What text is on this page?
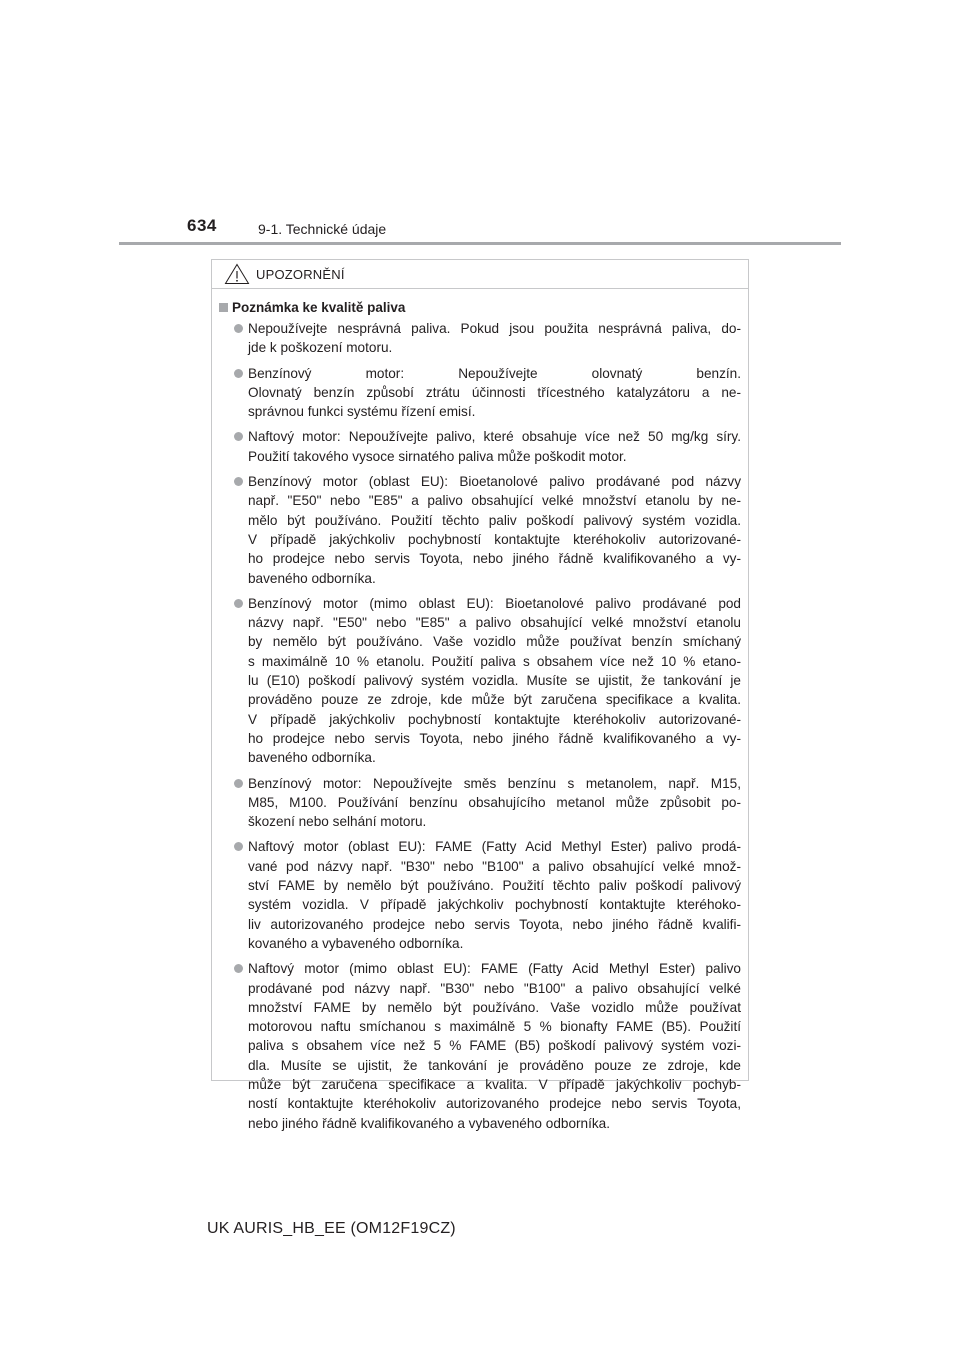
634	9-1. Technické údaje
UPOZORNĚNÍ
Poznámka ke kvalitě paliva
Nepoužívejte nesprávná paliva. Pokud jsou použita nesprávná paliva, do-
jde k poškození motoru.
Benzínový motor: Nepoužívejte olovnatý benzín.
Olovnatý benzín způsobí ztrátu účinnosti třícestného katalyzátoru a ne-
správnou funkci systému řízení emisí.
Naftový motor: Nepoužívejte palivo, které obsahuje více než 50 mg/kg síry.
Použití takového vysoce sirnatého paliva může poškodit motor.
Benzínový motor (oblast EU): Bioetanolové palivo prodávané pod názvy
např. "E50" nebo "E85" a palivo obsahující velké množství etanolu by ne-
mělo být používáno. Použití těchto paliv poškodí palivový systém vozidla.
V případě jakýchkoliv pochybností kontaktujte kteréhokoliv autorizované-
ho prodejce nebo servis Toyota, nebo jiného řádně kvalifikovaného a vy-
baveného odborníka.
Benzínový motor (mimo oblast EU): Bioetanolové palivo prodávané pod
názvy např. "E50" nebo "E85" a palivo obsahující velké množství etanolu
by nemělo být používáno. Vaše vozidlo může používat benzín smíchaný
s maximálně 10 % etanolu. Použití paliva s obsahem více než 10 % etano-
lu (E10) poškodí palivový systém vozidla. Musíte se ujistit, že tankování je
prováděno pouze ze zdroje, kde může být zaručena specifikace a kvalita.
V případě jakýchkoliv pochybností kontaktujte kteréhokoliv autorizované-
ho prodejce nebo servis Toyota, nebo jiného řádně kvalifikovaného a vy-
baveného odborníka.
Benzínový motor: Nepoužívejte směs benzínu s metanolem, např. M15,
M85, M100. Používání benzínu obsahujícího metanol může způsobit po-
škození nebo selhání motoru.
Naftový motor (oblast EU): FAME (Fatty Acid Methyl Ester) palivo prodá-
vané pod názvy např. "B30" nebo "B100" a palivo obsahující velké množ-
ství FAME by nemělo být používáno. Použití těchto paliv poškodí palivový
systém vozidla. V případě jakýchkoliv pochybností kontaktujte kteréhoko-
liv autorizovaného prodejce nebo servis Toyota, nebo jiného řádně kvalifi-
kovaného a vybaveného odborníka.
Naftový motor (mimo oblast EU): FAME (Fatty Acid Methyl Ester) palivo
prodávané pod názvy např. "B30" nebo "B100" a palivo obsahující velké
množství FAME by nemělo být používáno. Vaše vozidlo může používat
motorovou naftu smíchanou s maximálně 5 % bionafty FAME (B5). Použití
paliva s obsahem více než 5 % FAME (B5) poškodí palivový systém vozi-
dla. Musíte se ujistit, že tankování je prováděno pouze ze zdroje, kde
může být zaručena specifikace a kvalita. V případě jakýchkoliv pochyb-
ností kontaktujte kteréhokoliv autorizovaného prodejce nebo servis Toyota,
nebo jiného řádně kvalifikovaného a vybaveného odborníka.
UK AURIS_HB_EE (OM12F19CZ)
